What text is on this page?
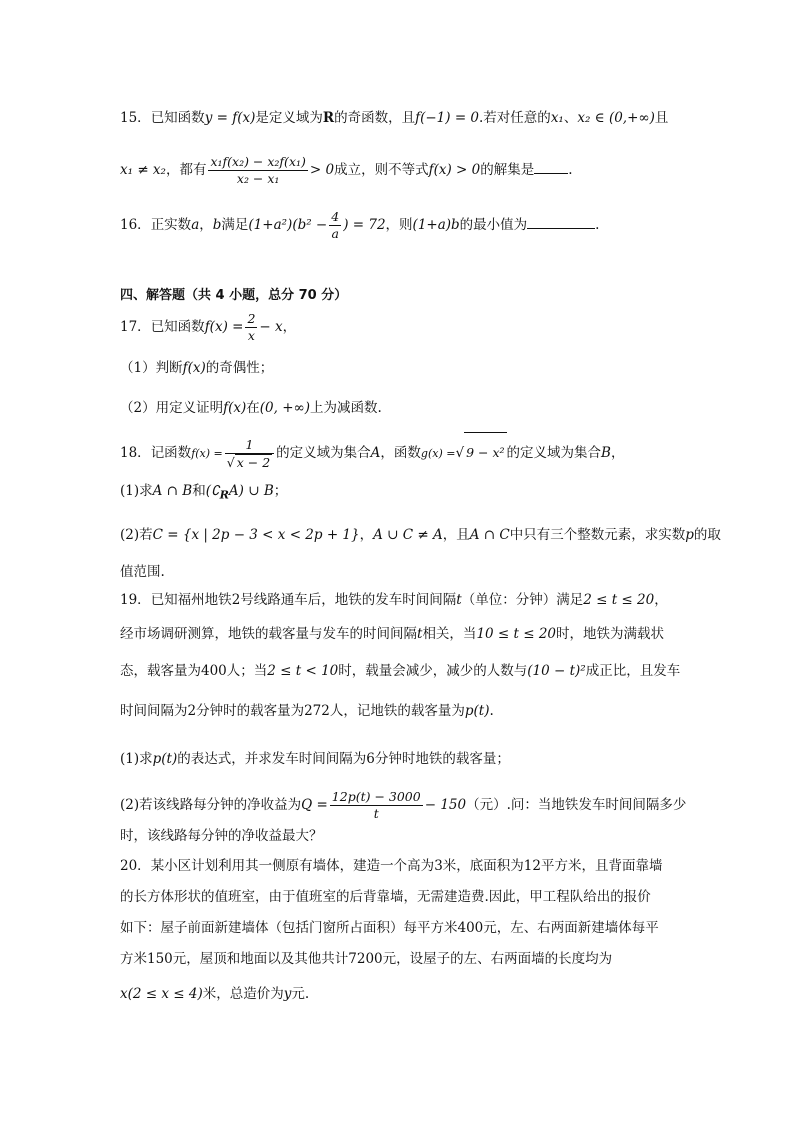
15．已知函数y = f(x)是定义域为R的奇函数，且f(−1) = 0.若对任意的x₁、x₂ ∈ (0,+∞)且
x₁ ≠ x₂，都有 $\frac{\text{x₁f(x₂) − x₂f(x₁)}}{\text{x₂ − x₁}} > 0$成立，则不等式f(x) > 0的解集是	.
16．正实数a，b满足$(1+a^2)(b^2 - \frac{4}{a}$ ) = 72，则(1+a)b的最小值为	.
四、解答题（共 4 小题，总分 70 分）
17．已知函数$f(x) = \frac{2}{x} - x$，
（1）判断f(x)的奇偶性；
（2）用定义证明f(x)在(0, +∞)上为减函数.
18．记函数$f(x) = \frac{1}{√ x - 2}$ 的定义域为集合A，函数g(x) =√ 9 − x² 的定义域为集合B，
(1)求A ∩ B和$(∁_RA)$ ∪ B；
(2)若C = {x | 2p − 3 < x < 2p + 1}，A ∪ C ≠ A，且A ∩ C中只有三个整数元素，求实数p的取
值范围.
19．已知福州地铁2号线路通车后，地铁的发车时间间隔t（单位：分钟）满足2 ≤ t ≤ 20，
经市场调研测算，地铁的载客量与发车的时间间隔t相关，当10 ≤ t ≤ 20时，地铁为满载状
态，载客量为400人；当2 ≤ t < 10时，载量会减少，减少的人数与(10 − t)²成正比，且发车
时间间隔为2分钟时的载客量为272人，记地铁的载客量为p(t).
(1)求p(t)的表达式，并求发车时间间隔为6分钟时地铁的载客量；
(2)若该线路每分钟的净收益为$Q = \frac{12p(t) - 3000}{t} - 150$（元）.问：当地铁发车时间间隔多少
时，该线路每分钟的净收益最大？
20．某小区计划利用其一侧原有墙体，建造一个高为3米，底面积为12平方米，且背面靠墙
的长方体形状的值班室，由于值班室的后背靠墙，无需建造费.因此，甲工程队给出的报价
如下：屋子前面新建墙体（包括门窗所占面积）每平方米400元，左、右两面新建墙体每平
方米150元，屋顶和地面以及其他共计7200元，设屋子的左、右两面墙的长度均为
x(2 ≤ x ≤ 4)米，总造价为y元.
